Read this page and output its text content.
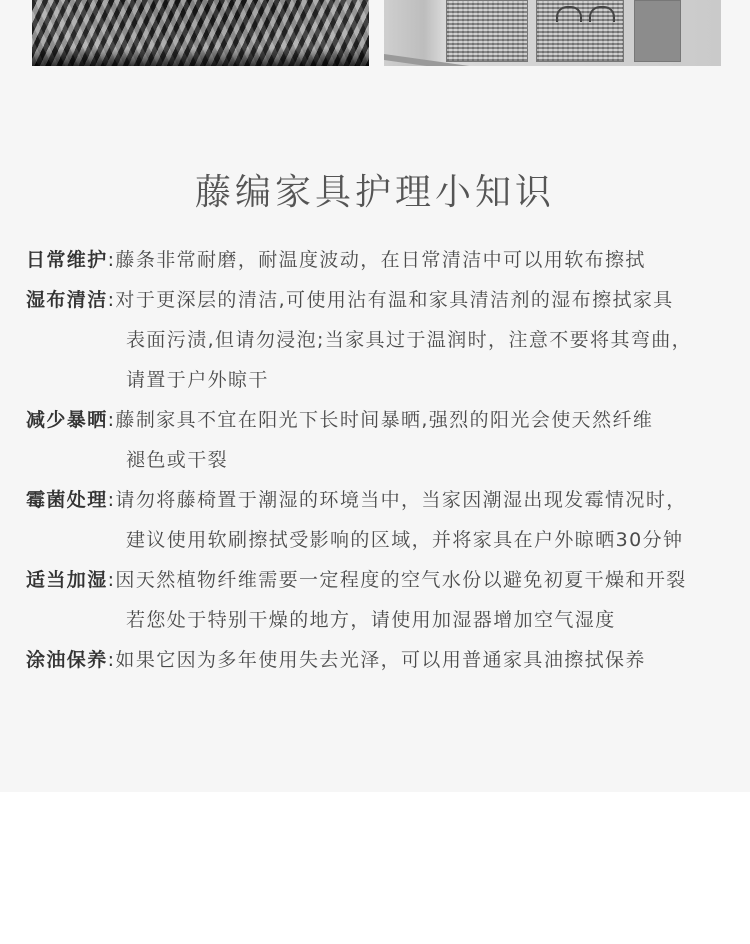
藤编家具护理小知识
日常维护:藤条非常耐磨，耐温度波动，在日常清洁中可以用软布擦拭
湿布清洁:对于更深层的清洁,可使用沾有温和家具清洁剂的湿布擦拭家具
表面污渍,但请勿浸泡;当家具过于温润时，注意不要将其弯曲，
请置于户外晾干
减少暴晒:藤制家具不宜在阳光下长时间暴晒,强烈的阳光会使天然纤维
褪色或干裂
霉菌处理:请勿将藤椅置于潮湿的环境当中，当家因潮湿出现发霉情况时，
建议使用软刷擦拭受影响的区域，并将家具在户外晾晒30分钟
适当加湿:因天然植物纤维需要一定程度的空气水份以避免初夏干燥和开裂
若您处于特别干燥的地方，请使用加湿器增加空气湿度
涂油保养:如果它因为多年使用失去光泽，可以用普通家具油擦拭保养
